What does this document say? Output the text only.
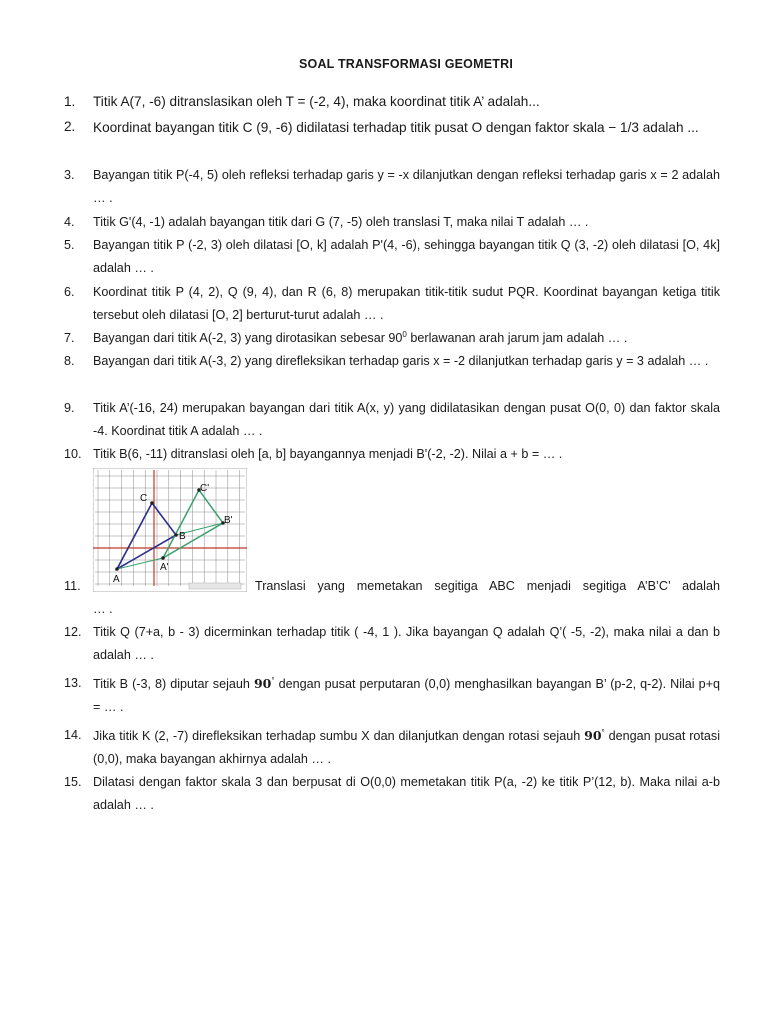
SOAL TRANSFORMASI GEOMETRI
1.	Titik A(7, -6) ditranslasikan oleh T = (-2, 4), maka koordinat titik A’ adalah...
2.	Koordinat bayangan titik C (9, -6) didilatasi terhadap titik pusat O dengan faktor skala − 1/3 adalah ...
3.	Bayangan titik P(-4, 5) oleh refleksi terhadap garis y = -x dilanjutkan dengan refleksi terhadap garis x = 2 adalah … .
4.	Titik G'(4, -1) adalah bayangan titik dari G (7, -5) oleh translasi T, maka nilai T adalah … .
5.	Bayangan titik P (-2, 3) oleh dilatasi [O, k] adalah P'(4, -6), sehingga bayangan titik Q (3, -2) oleh dilatasi [O, 4k] adalah … .
6.	Koordinat titik P (4, 2), Q (9, 4), dan R (6, 8) merupakan titik-titik sudut PQR. Koordinat bayangan ketiga titik tersebut oleh dilatasi [O, 2] berturut-turut adalah … .
7.	Bayangan dari titik A(-2, 3) yang dirotasikan sebesar $90^0$ berlawanan arah jarum jam adalah … .
8.	Bayangan dari titik A(-3, 2) yang direfleksikan terhadap garis x = -2 dilanjutkan terhadap garis y = 3 adalah … .
9.	Titik A’(-16, 24) merupakan bayangan dari titik A(x, y) yang didilatasikan dengan pusat O(0, 0) dan faktor skala -4. Koordinat titik A adalah … .
10. Titik B(6, -11) ditranslasi oleh [a, b] bayangannya menjadi B'(-2, -2). Nilai a + b = … .
A
C
B
A'
C'
B'
11.	Translasi yang memetakan segitiga ABC menjadi segitiga A’B’C’ adalah
… .
12. Titik Q (7+a, b - 3) dicerminkan terhadap titik ( -4, 1 ). Jika bayangan Q adalah Q’( -5, -2), maka nilai a dan b adalah … .
13. Titik B (-3, 8) diputar sejauh 90° dengan pusat perputaran (0,0) menghasilkan bayangan B’ (p-2, q-2). Nilai p+q = … .
14. Jika titik K (2, -7) direfleksikan terhadap sumbu X dan dilanjutkan dengan rotasi sejauh 90° dengan pusat rotasi (0,0), maka bayangan akhirnya adalah … .
15. Dilatasi dengan faktor skala 3 dan berpusat di O(0,0) memetakan titik P(a, -2) ke titik P’(12, b). Maka nilai a-b adalah … .
